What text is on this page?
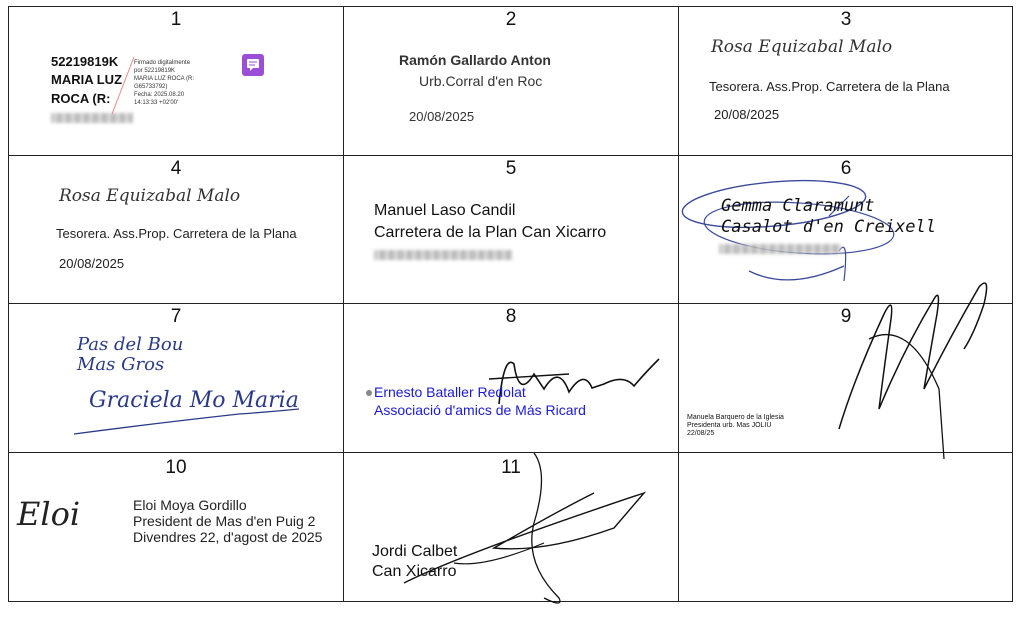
1
52219819K
MARIA LUZ
ROCA (R:
Firmado digitalmente
por 52219819K
MARIA LUZ ROCA (R:
G65733792)
Fecha: 2025.08.20
14:13:33 +02'00'
2
Ramón Gallardo Anton
Urb.Corral d'en Roc
20/08/2025
3
Rosa Equizabal Malo
Tesorera. Ass.Prop. Carretera de la Plana
20/08/2025
4
Rosa Equizabal Malo
Tesorera. Ass.Prop. Carretera de la Plana
20/08/2025
5
Manuel Laso Candil
Carretera de la Plan Can Xicarro
6
Gemma Claramunt
Casalot d'en Creixell
7
Pas del Bou
Mas Gros
Graciela Mo Maria
8
Ernesto Bataller Redolat
Associació d'amics de Más Ricard
9
Manuela Barquero de la Iglesia
Presidenta urb. Mas JOLIU
22/08/25
10
Eloi	Eloi Moya Gordillo
President de Mas d'en Puig 2
Divendres 22, d'agost de 2025
11
Jordi Calbet
Can Xicarro
